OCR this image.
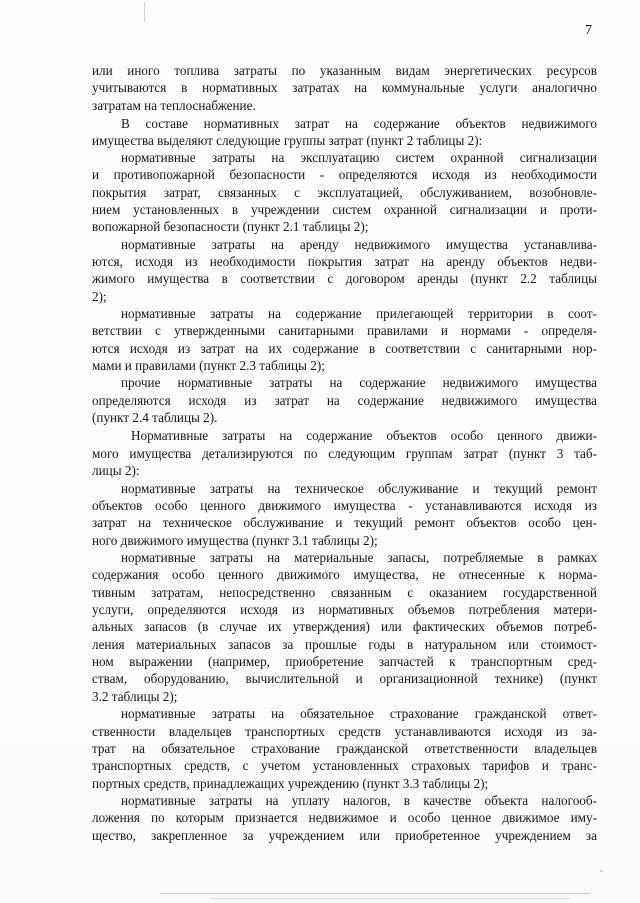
7
или иного топлива затраты по указанным видам энергетических ресурсов
учитываются в нормативных затратах на коммунальные услуги аналогично
затратам на теплоснабжение.
В составе нормативных затрат на содержание объектов недвижимого
имущества выделяют следующие группы затрат (пункт 2 таблицы 2):
нормативные затраты на эксплуатацию систем охранной сигнализации
и противопожарной безопасности - определяются исходя из необходимости
покрытия затрат, связанных с эксплуатацией, обслуживанием, возобновле-
нием установленных в учреждении систем охранной сигнализации и проти-
вопожарной безопасности (пункт 2.1 таблицы 2);
нормативные затраты на аренду недвижимого имущества устанавлива-
ются, исходя из необходимости покрытия затрат на аренду объектов недви-
жимого имущества в соответствии с договором аренды (пункт 2.2 таблицы
2);
нормативные затраты на содержание прилегающей территории в соот-
ветствии с утвержденными санитарными правилами и нормами - определя-
ются исходя из затрат на их содержание в соответствии с санитарными нор-
мами и правилами (пункт 2.3 таблицы 2);
прочие нормативные затраты на содержание недвижимого имущества
определяются исходя из затрат на содержание недвижимого имущества
(пункт 2.4 таблицы 2).
Нормативные затраты на содержание объектов особо ценного движи-
мого имущества детализируются по следующим группам затрат (пункт 3 таб-
лицы 2):
нормативные затраты на техническое обслуживание и текущий ремонт
объектов особо ценного движимого имущества - устанавливаются исходя из
затрат на техническое обслуживание и текущий ремонт объектов особо цен-
ного движимого имущества (пункт 3.1 таблицы 2);
нормативные затраты на материальные запасы, потребляемые в рамках
содержания особо ценного движимого имущества, не отнесенные к норма-
тивным затратам, непосредственно связанным с оказанием государственной
услуги, определяются исходя из нормативных объемов потребления матери-
альных запасов (в случае их утверждения) или фактических объемов потреб-
ления материальных запасов за прошлые годы в натуральном или стоимост-
ном выражении (например, приобретение запчастей к транспортным сред-
ствам, оборудованию, вычислительной и организационной технике) (пункт
3.2 таблицы 2);
нормативные затраты на обязательное страхование гражданской ответ-
ственности владельцев транспортных средств устанавливаются исходя из за-
трат на обязательное страхование гражданской ответственности владельцев
транспортных средств, с учетом установленных страховых тарифов и транс-
портных средств, принадлежащих учреждению (пункт 3.3 таблицы 2);
нормативные затраты на уплату налогов, в качестве объекта налогооб-
ложения по которым признается недвижимое и особо ценное движимое иму-
щество, закрепленное за учреждением или приобретенное учреждением за
